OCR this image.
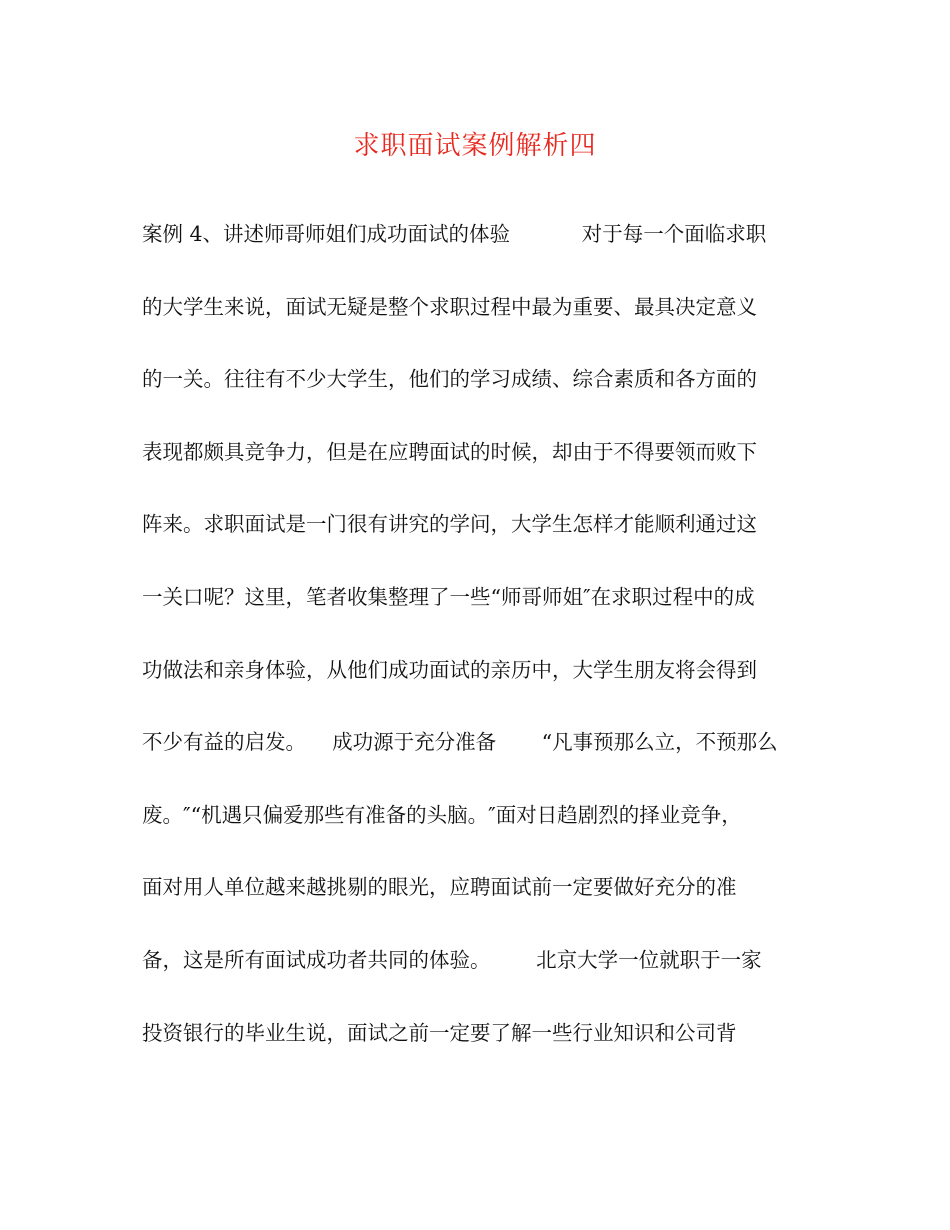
求职面试案例解析四
案例 4、讲述师哥师姐们成功面试的体验           对于每一个面临求职
的大学生来说，面试无疑是整个求职过程中最为重要、最具决定意义
的一关。往往有不少大学生，他们的学习成绩、综合素质和各方面的
表现都颇具竞争力，但是在应聘面试的时候，却由于不得要领而败下
阵来。求职面试是一门很有讲究的学问，大学生怎样才能顺利通过这
一关口呢？这里，笔者收集整理了一些“师哥师姐″在求职过程中的成
功做法和亲身体验，从他们成功面试的亲历中，大学生朋友将会得到
不少有益的启发。    成功源于充分准备       “凡事预那么立，不预那么
废。″“机遇只偏爱那些有准备的头脑。″面对日趋剧烈的择业竞争，
面对用人单位越来越挑剔的眼光，应聘面试前一定要做好充分的准
备，这是所有面试成功者共同的体验。       北京大学一位就职于一家
投资银行的毕业生说，面试之前一定要了解一些行业知识和公司背
